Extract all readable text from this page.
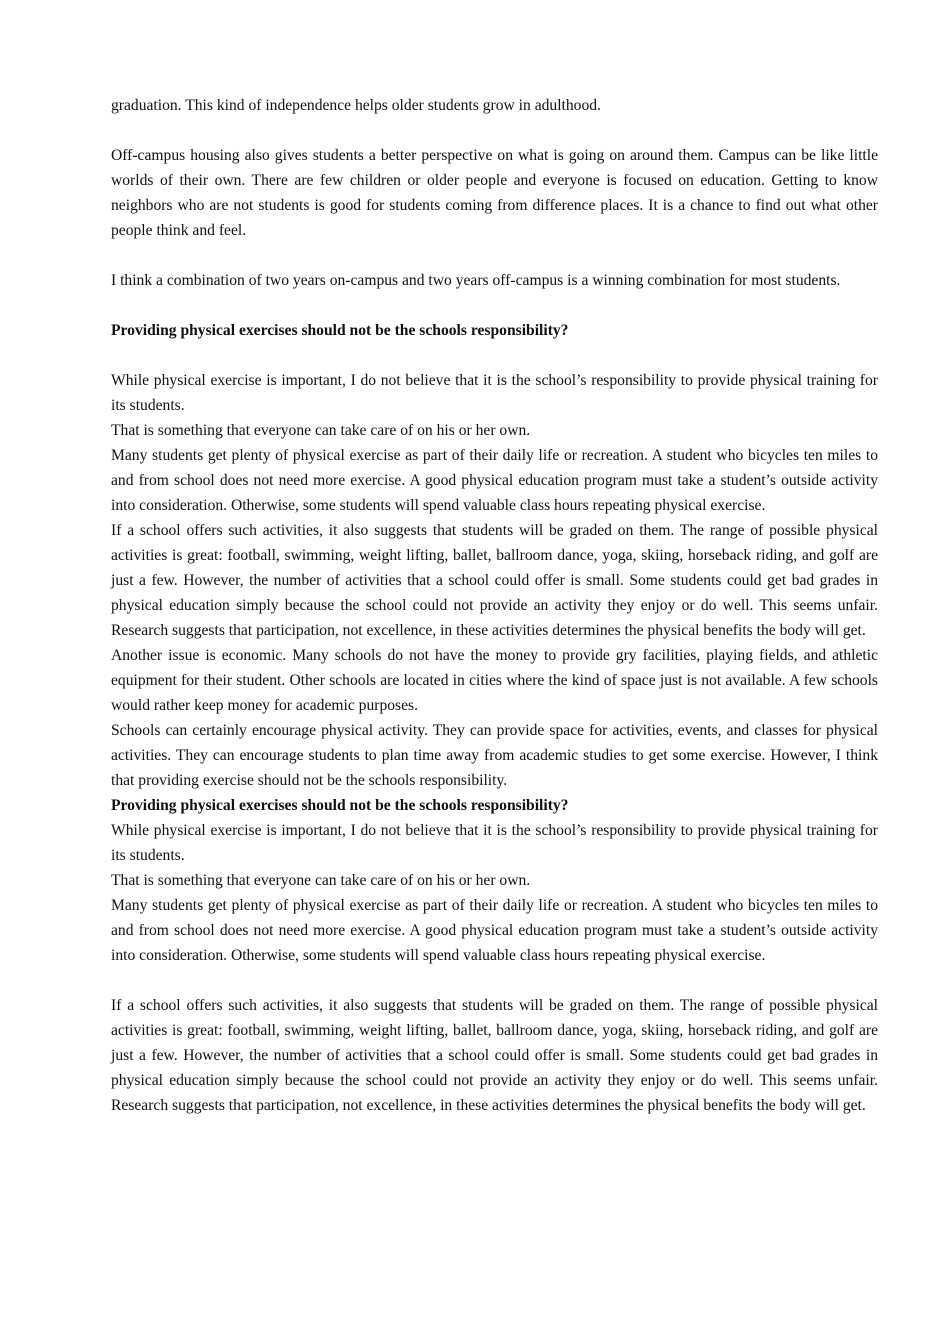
graduation. This kind of independence helps older students grow in adulthood.

Off-campus housing also gives students a better perspective on what is going on around them. Campus can be like little worlds of their own. There are few children or older people and everyone is focused on education. Getting to know neighbors who are not students is good for students coming from difference places. It is a chance to find out what other people think and feel.

I think a combination of two years on-campus and two years off-campus is a winning combination for most students.

Providing physical exercises should not be the schools responsibility?

While physical exercise is important, I do not believe that it is the school’s responsibility to provide physical training for its students.

That is something that everyone can take care of on his or her own.

Many students get plenty of physical exercise as part of their daily life or recreation. A student who bicycles ten miles to and from school does not need more exercise. A good physical education program must take a student’s outside activity into consideration. Otherwise, some students will spend valuable class hours repeating physical exercise.

If a school offers such activities, it also suggests that students will be graded on them. The range of possible physical activities is great: football, swimming, weight lifting, ballet, ballroom dance, yoga, skiing, horseback riding, and golf are just a few. However, the number of activities that a school could offer is small. Some students could get bad grades in physical education simply because the school could not provide an activity they enjoy or do well. This seems unfair. Research suggests that participation, not excellence, in these activities determines the physical benefits the body will get.

Another issue is economic. Many schools do not have the money to provide gry facilities, playing fields, and athletic equipment for their student. Other schools are located in cities where the kind of space just is not available. A few schools would rather keep money for academic purposes.

Schools can certainly encourage physical activity. They can provide space for activities, events, and classes for physical activities. They can encourage students to plan time away from academic studies to get some exercise. However, I think that providing exercise should not be the schools responsibility.

Providing physical exercises should not be the schools responsibility?

While physical exercise is important, I do not believe that it is the school’s responsibility to provide physical training for its students.

That is something that everyone can take care of on his or her own.

Many students get plenty of physical exercise as part of their daily life or recreation. A student who bicycles ten miles to and from school does not need more exercise. A good physical education program must take a student’s outside activity into consideration. Otherwise, some students will spend valuable class hours repeating physical exercise.

If a school offers such activities, it also suggests that students will be graded on them. The range of possible physical activities is great: football, swimming, weight lifting, ballet, ballroom dance, yoga, skiing, horseback riding, and golf are just a few. However, the number of activities that a school could offer is small. Some students could get bad grades in physical education simply because the school could not provide an activity they enjoy or do well. This seems unfair. Research suggests that participation, not excellence, in these activities determines the physical benefits the body will get.
